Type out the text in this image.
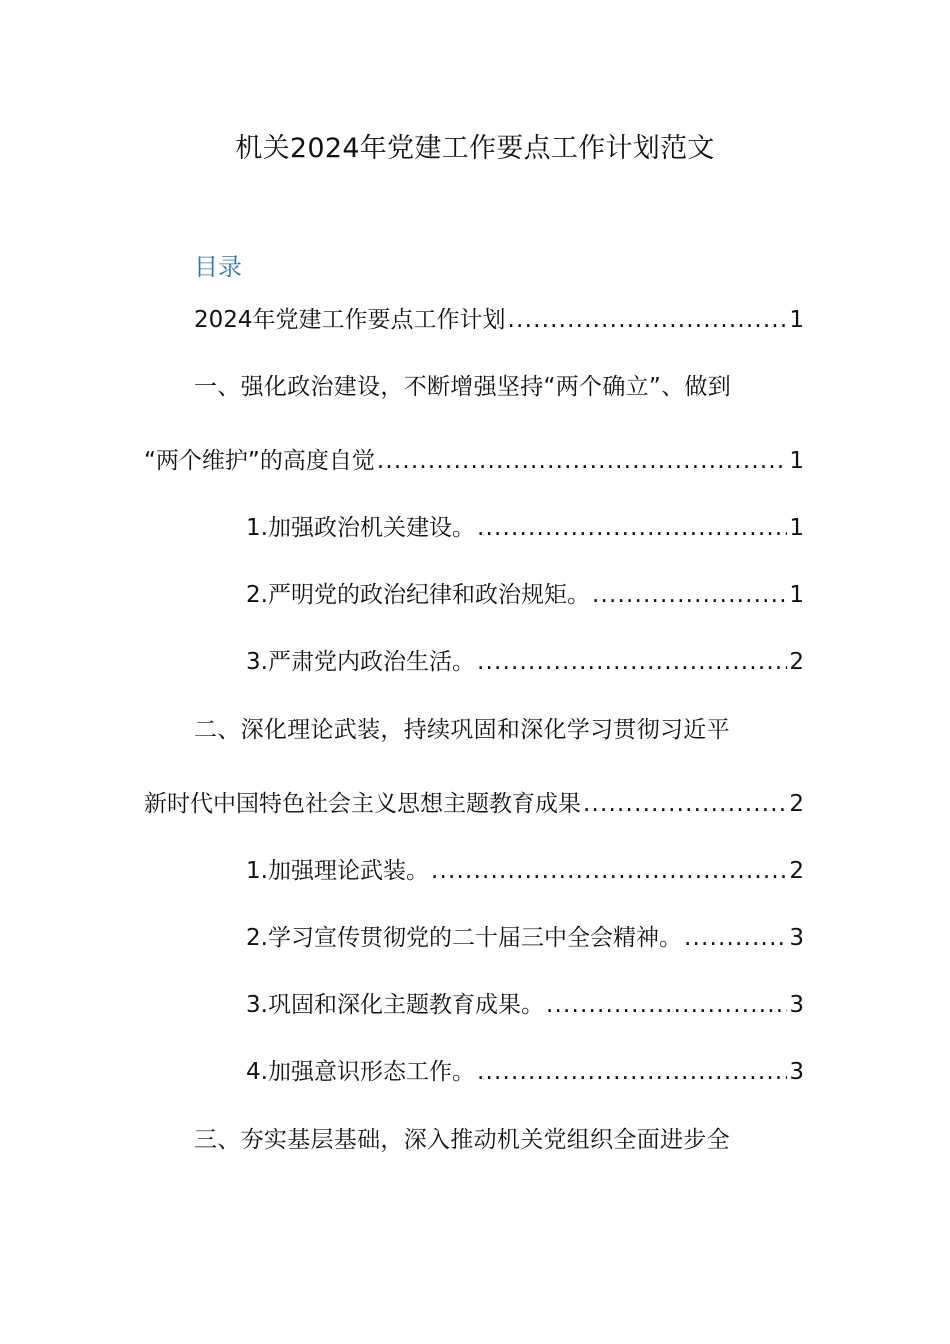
机关2024年党建工作要点工作计划范文
目录
2024年党建工作要点工作计划 .....	1
一、强化政治建设，不断增强坚持“两个确立”、做到
“两个维护”的高度自觉 .....	1
1.加强政治机关建设。 .....	1
2.严明党的政治纪律和政治规矩。 .....	1
3.严肃党内政治生活。 .....	2
二、深化理论武装，持续巩固和深化学习贯彻习近平
新时代中国特色社会主义思想主题教育成果 .....	2
1.加强理论武装。 .....	2
2.学习宣传贯彻党的二十届三中全会精神。 .....	3
3.巩固和深化主题教育成果。 .....	3
4.加强意识形态工作。 .....	3
三、夯实基层基础，深入推动机关党组织全面进步全
